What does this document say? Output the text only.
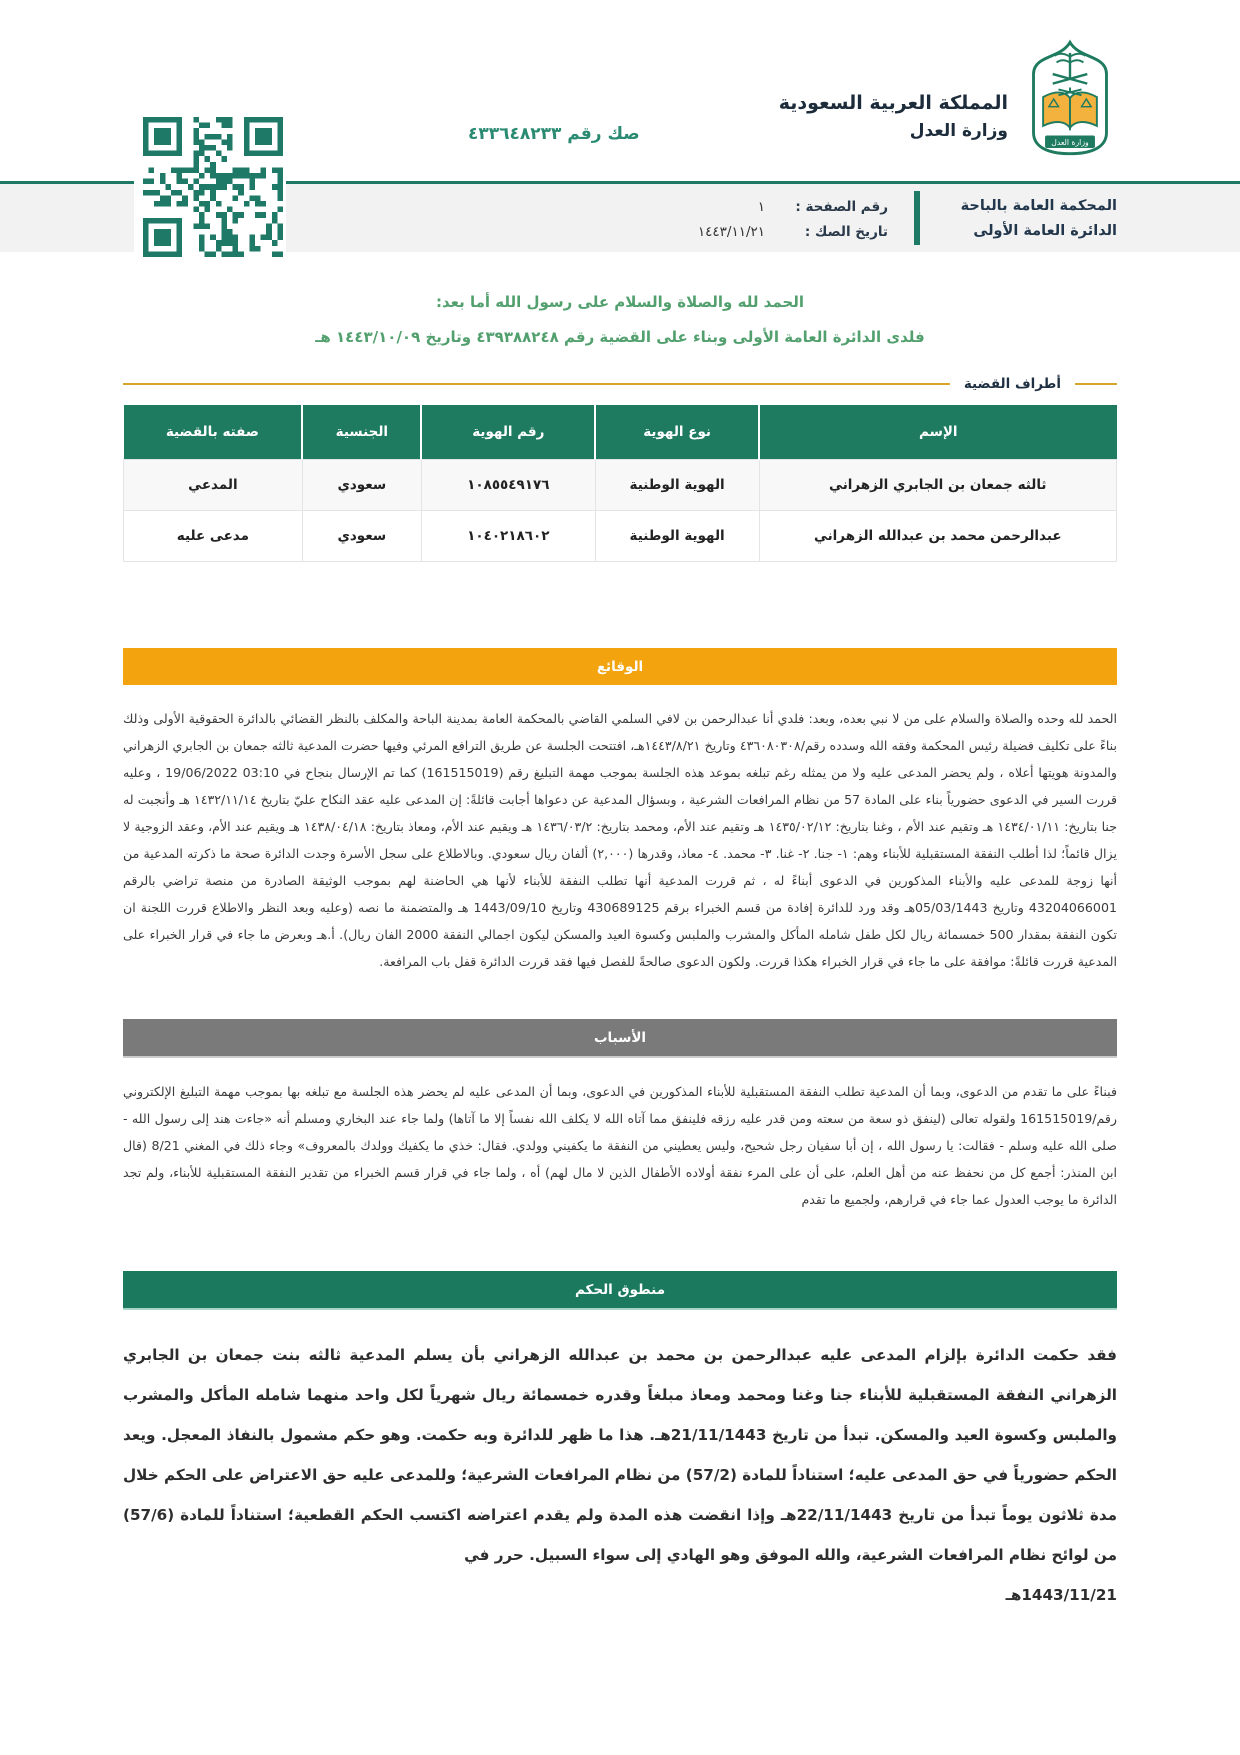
صك رقم ٤٣٣٦٤٨٢٣٣
المملكة العربية السعودية
وزارة العدل
وزارة العدل
المحكمة العامة بالباحة
الدائرة العامة الأولى
رقم الصفحة :
١
تاريخ الصك :
١٤٤٣/١١/٢١

الحمد لله والصلاة والسلام على رسول الله أما بعد:

فلدى الدائرة العامة الأولى وبناء على القضية رقم ٤٣٩٣٨٨٢٤٨ وتاريخ ١٤٤٣/١٠/٠٩ هـ

أطراف القضية
الإسم	نوع الهوية	رقم الهوية	الجنسية	صفته بالقضية
ثالثه جمعان بن الجابري الزهراني	الهوية الوطنية	١٠٨٥٥٤٩١٧٦	سعودي	المدعي
عبدالرحمن محمد بن عبدالله الزهراني	الهوية الوطنية	١٠٤٠٢١٨٦٠٢	سعودي	مدعى عليه
الوقائع

الحمد لله وحده والصلاة والسلام على من لا نبي بعده، وبعد: فلدي أنا عبدالرحمن بن لافي السلمي القاضي بالمحكمة العامة بمدينة الباحة والمكلف بالنظر القضائي بالدائرة الحقوقية الأولى وذلك بناءً على تكليف فضيلة رئيس المحكمة وفقه الله وسدده رقم/٤٣٦٠٨٠٣٠٨ وتاريخ ١٤٤٣/٨/٢١هـ، افتتحت الجلسة عن طريق الترافع المرئي وفيها حضرت المدعية ثالثه جمعان بن الجابري الزهراني والمدونة هويتها أعلاه ، ولم يحضر المدعى عليه ولا من يمثله رغم تبلغه بموعد هذه الجلسة بموجب مهمة التبليغ رقم (161515019) كما تم الإرسال بنجاح في 03:10 19/06/2022 ، وعليه قررت السير في الدعوى حضورياً بناء على المادة 57 من نظام المرافعات الشرعية ، وبسؤال المدعية عن دعواها أجابت قائلةً: إن المدعى عليه عقد النكاح عليّ بتاريخ ١٤٣٢/١١/١٤ هـ وأنجبت له جنا بتاريخ: ١٤٣٤/٠١/١١ هـ وتقيم عند الأم ، وغنا بتاريخ: ١٤٣٥/٠٢/١٢ هـ وتقيم عند الأم، ومحمد بتاريخ: ١٤٣٦/٠٣/٢ هـ ويقيم عند الأم، ومعاذ بتاريخ: ١٤٣٨/٠٤/١٨ هـ ويقيم عند الأم، وعقد الزوجية لا يزال قائماً؛ لذا أطلب النفقة المستقبلية للأبناء وهم: ١- جنا. ٢- غنا. ٣- محمد. ٤- معاذ، وقدرها (٢,٠٠٠) ألفان ريال سعودي. وبالاطلاع على سجل الأسرة وجدت الدائرة صحة ما ذكرته المدعية من أنها زوجة للمدعى عليه والأبناء المذكورين في الدعوى أبناءً له ، ثم قررت المدعية أنها تطلب النفقة للأبناء لأنها هي الحاضنة لهم بموجب الوثيقة الصادرة من منصة تراضي بالرقم 43204066001 وتاريخ 05/03/1443هـ وقد ورد للدائرة إفادة من قسم الخبراء برقم 430689125 وتاريخ 1443/09/10 هـ والمتضمنة ما نصه (وعليه وبعد النظر والاطلاع قررت اللجنة ان تكون النفقة بمقدار 500 خمسمائة ريال لكل طفل شامله المأكل والمشرب والملبس وكسوة العيد والمسكن ليكون اجمالي النفقة 2000 الفان ريال). أ.هـ وبعرض ما جاء في قرار الخبراء على المدعية قررت قائلةً: موافقة على ما جاء في قرار الخبراء هكذا قررت. ولكون الدعوى صالحةً للفصل فيها فقد قررت الدائرة قفل باب المرافعة.

الأسباب

فبناءً على ما تقدم من الدعوى، وبما أن المدعية تطلب النفقة المستقبلية للأبناء المذكورين في الدعوى، وبما أن المدعى عليه لم يحضر هذه الجلسة مع تبلغه بها بموجب مهمة التبليغ الإلكتروني رقم/161515019 ولقوله تعالى (لينفق ذو سعة من سعته ومن قدر عليه رزقه فلينفق مما آتاه الله لا يكلف الله نفساً إلا ما آتاها) ولما جاء عند البخاري ومسلم أنه «جاءت هند إلى رسول الله - صلى الله عليه وسلم - فقالت: يا رسول الله ، إن أبا سفيان رجل شحيح، وليس يعطيني من النفقة ما يكفيني وولدي. فقال: خذي ما يكفيك وولدك بالمعروف» وجاء ذلك في المغني 8/21 (قال ابن المنذر: أجمع كل من نحفظ عنه من أهل العلم، على أن على المرء نفقة أولاده الأطفال الذين لا مال لهم) أه ، ولما جاء في قرار قسم الخبراء من تقدير النفقة المستقبلية للأبناء، ولم تجد الدائرة ما يوجب العدول عما جاء في قرارهم، ولجميع ما تقدم

منطوق الحكم

فقد حكمت الدائرة بإلزام المدعى عليه عبدالرحمن بن محمد بن عبدالله الزهراني بأن يسلم المدعية ثالثه بنت جمعان بن الجابري الزهراني النفقة المستقبلية للأبناء جنا وغنا ومحمد ومعاذ مبلغاً وقدره خمسمائة ريال شهرياً لكل واحد منهما شامله المأكل والمشرب والملبس وكسوة العيد والمسكن. تبدأ من تاريخ 21/11/1443هـ. هذا ما ظهر للدائرة وبه حكمت. وهو حكم مشمول بالنفاذ المعجل. ويعد الحكم حضورياً في حق المدعى عليه؛ استناداً للمادة (57/2) من نظام المرافعات الشرعية؛ وللمدعى عليه حق الاعتراض على الحكم خلال مدة ثلاثون يوماً تبدأ من تاريخ 22/11/1443هـ وإذا انقضت هذه المدة ولم يقدم اعتراضه اكتسب الحكم القطعية؛ استناداً للمادة (57/6) من لوائح نظام المرافعات الشرعية، والله الموفق وهو الهادي إلى سواء السبيل. حرر في

1443/11/21هـ
